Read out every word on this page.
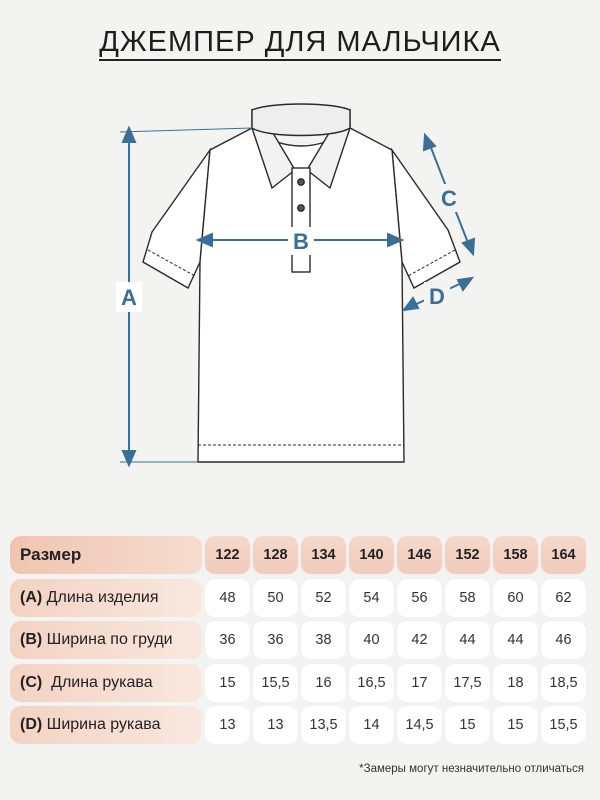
ДЖЕМПЕР ДЛЯ МАЛЬЧИКА
A
B
C
D
Размер	122	128	134	140	146	152	158	164
(A) Длина изделия	48	50	52	54	56	58	60	62
(B) Ширина по груди	36	36	38	40	42	44	44	46
(C)  Длина рукава	15	15,5	16	16,5	17	17,5	18	18,5
(D) Ширина рукава	13	13	13,5	14	14,5	15	15	15,5
*Замеры могут незначительно отличаться
